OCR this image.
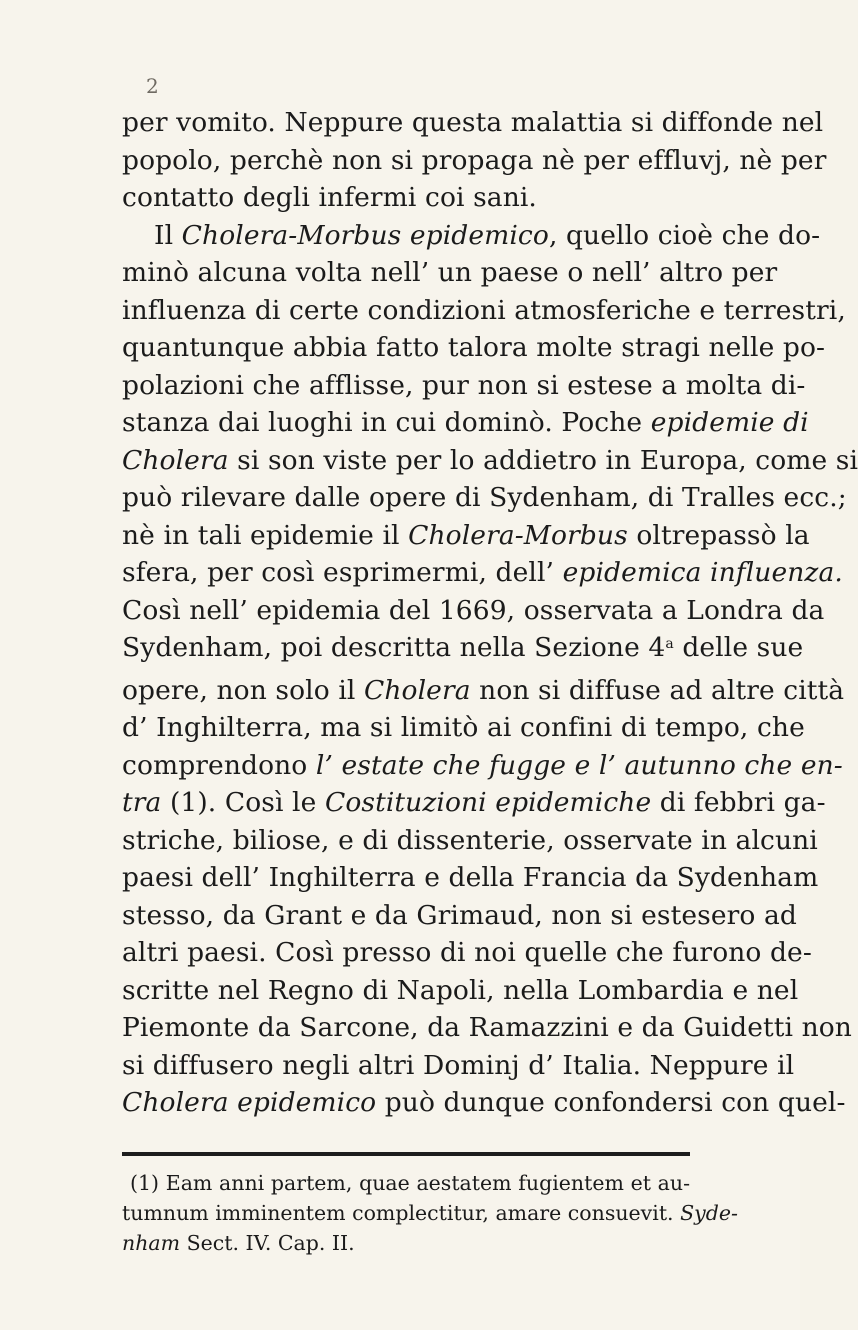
2
per vomito. Neppure questa malattia si diffonde nel
popolo, perchè non si propaga nè per effluvj, nè per
contatto degli infermi coi sani.
Il Cholera-Morbus epidemico, quello cioè che do-
minò alcuna volta nell’ un paese o nell’ altro per
influenza di certe condizioni atmosferiche e terrestri,
quantunque abbia fatto talora molte stragi nelle po-
polazioni che afflisse, pur non si estese a molta di-
stanza dai luoghi in cui dominò. Poche epidemie di
Cholera si son viste per lo addietro in Europa, come si
può rilevare dalle opere di Sydenham, di Tralles ecc.;
nè in tali epidemie il Cholera-Morbus oltrepassò la
sfera, per così esprimermi, dell’ epidemica influenza.
Così nell’ epidemia del 1669, osservata a Londra da
Sydenham, poi descritta nella Sezione 4$^a$ delle sue
opere, non solo il Cholera non si diffuse ad altre città
d’ Inghilterra, ma si limitò ai confini di tempo, che
comprendono l’ estate che fugge e l’ autunno che en-
tra (1). Così le Costituzioni epidemiche di febbri ga-
striche, biliose, e di dissenterie, osservate in alcuni
paesi dell’ Inghilterra e della Francia da Sydenham
stesso, da Grant e da Grimaud, non si estesero ad
altri paesi. Così presso di noi quelle che furono de-
scritte nel Regno di Napoli, nella Lombardia e nel
Piemonte da Sarcone, da Ramazzini e da Guidetti non
si diffusero negli altri Dominj d’ Italia. Neppure il
Cholera epidemico può dunque confondersi con quel-
(1) Eam anni partem, quae aestatem fugientem et au-
tumnum imminentem complectitur, amare consuevit. Syde-
nham Sect. IV. Cap. II.
